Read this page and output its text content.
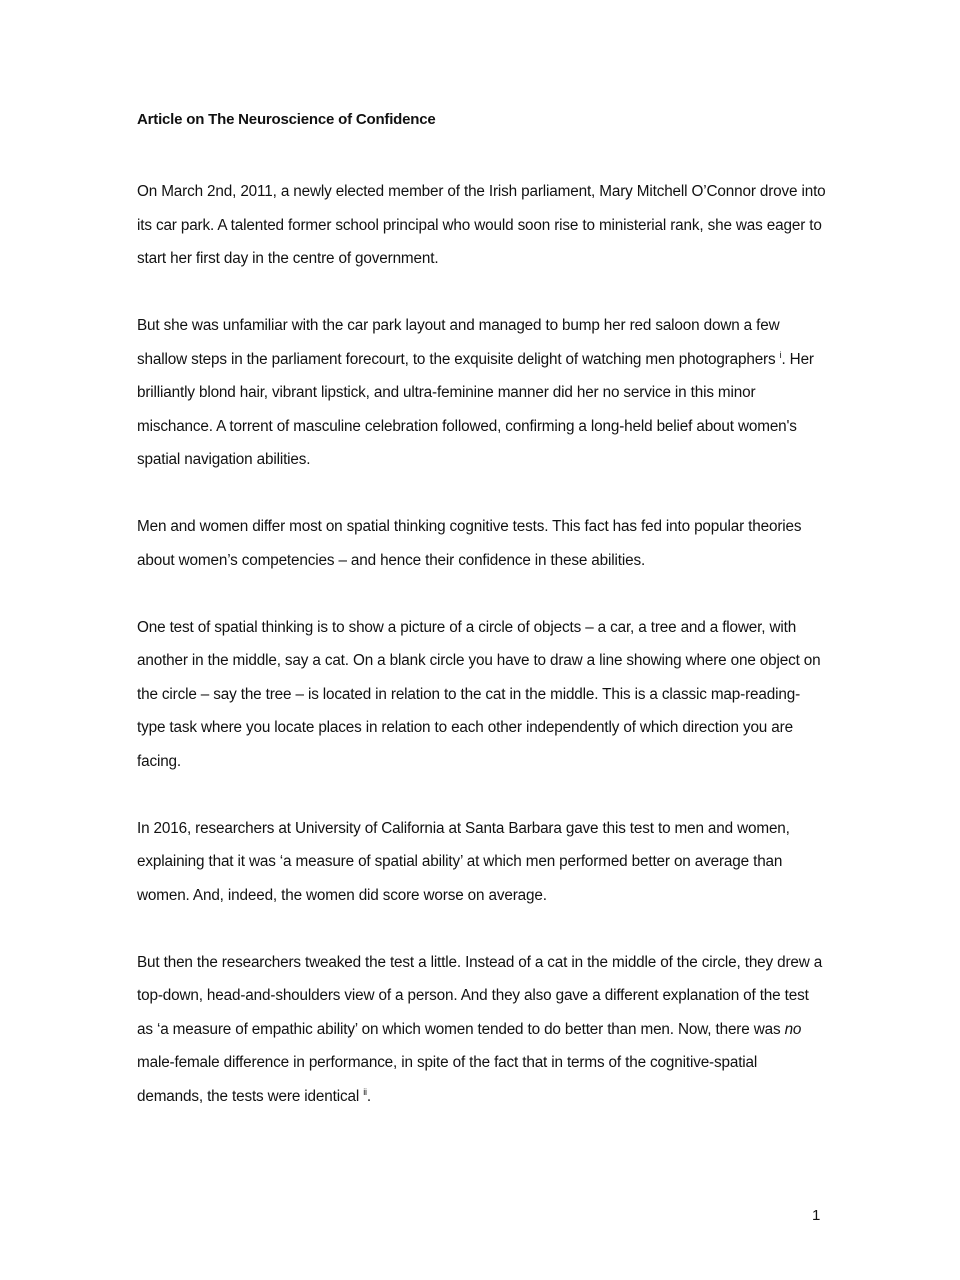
Article on The Neuroscience of Confidence

On March 2nd, 2011, a newly elected member of the Irish parliament, Mary Mitchell O’Connor drove into its car park. A talented former school principal who would soon rise to ministerial rank, she was eager to start her first day in the centre of government.

But she was unfamiliar with the car park layout and managed to bump her red saloon down a few shallow steps in the parliament forecourt, to the exquisite delight of watching men photographers $^i$. Her brilliantly blond hair, vibrant lipstick, and ultra-feminine manner did her no service in this minor mischance. A torrent of masculine celebration followed, confirming a long-held belief about women's spatial navigation abilities.

Men and women differ most on spatial thinking cognitive tests. This fact has fed into popular theories about women’s competencies – and hence their confidence in these abilities.

One test of spatial thinking is to show a picture of a circle of objects – a car, a tree and a flower, with another in the middle, say a cat. On a blank circle you have to draw a line showing where one object on the circle – say the tree – is located in relation to the cat in the middle. This is a classic map-reading-type task where you locate places in relation to each other independently of which direction you are facing.

In 2016, researchers at University of California at Santa Barbara gave this test to men and women, explaining that it was ‘a measure of spatial ability’ at which men performed better on average than women. And, indeed, the women did score worse on average.

But then the researchers tweaked the test a little. Instead of a cat in the middle of the circle, they drew a top-down, head-and-shoulders view of a person. And they also gave a different explanation of the test as ‘a measure of empathic ability’ on which women tended to do better than men. Now, there was no male-female difference in performance, in spite of the fact that in terms of the cognitive-spatial demands, the tests were identical $^{ii}$.

1
